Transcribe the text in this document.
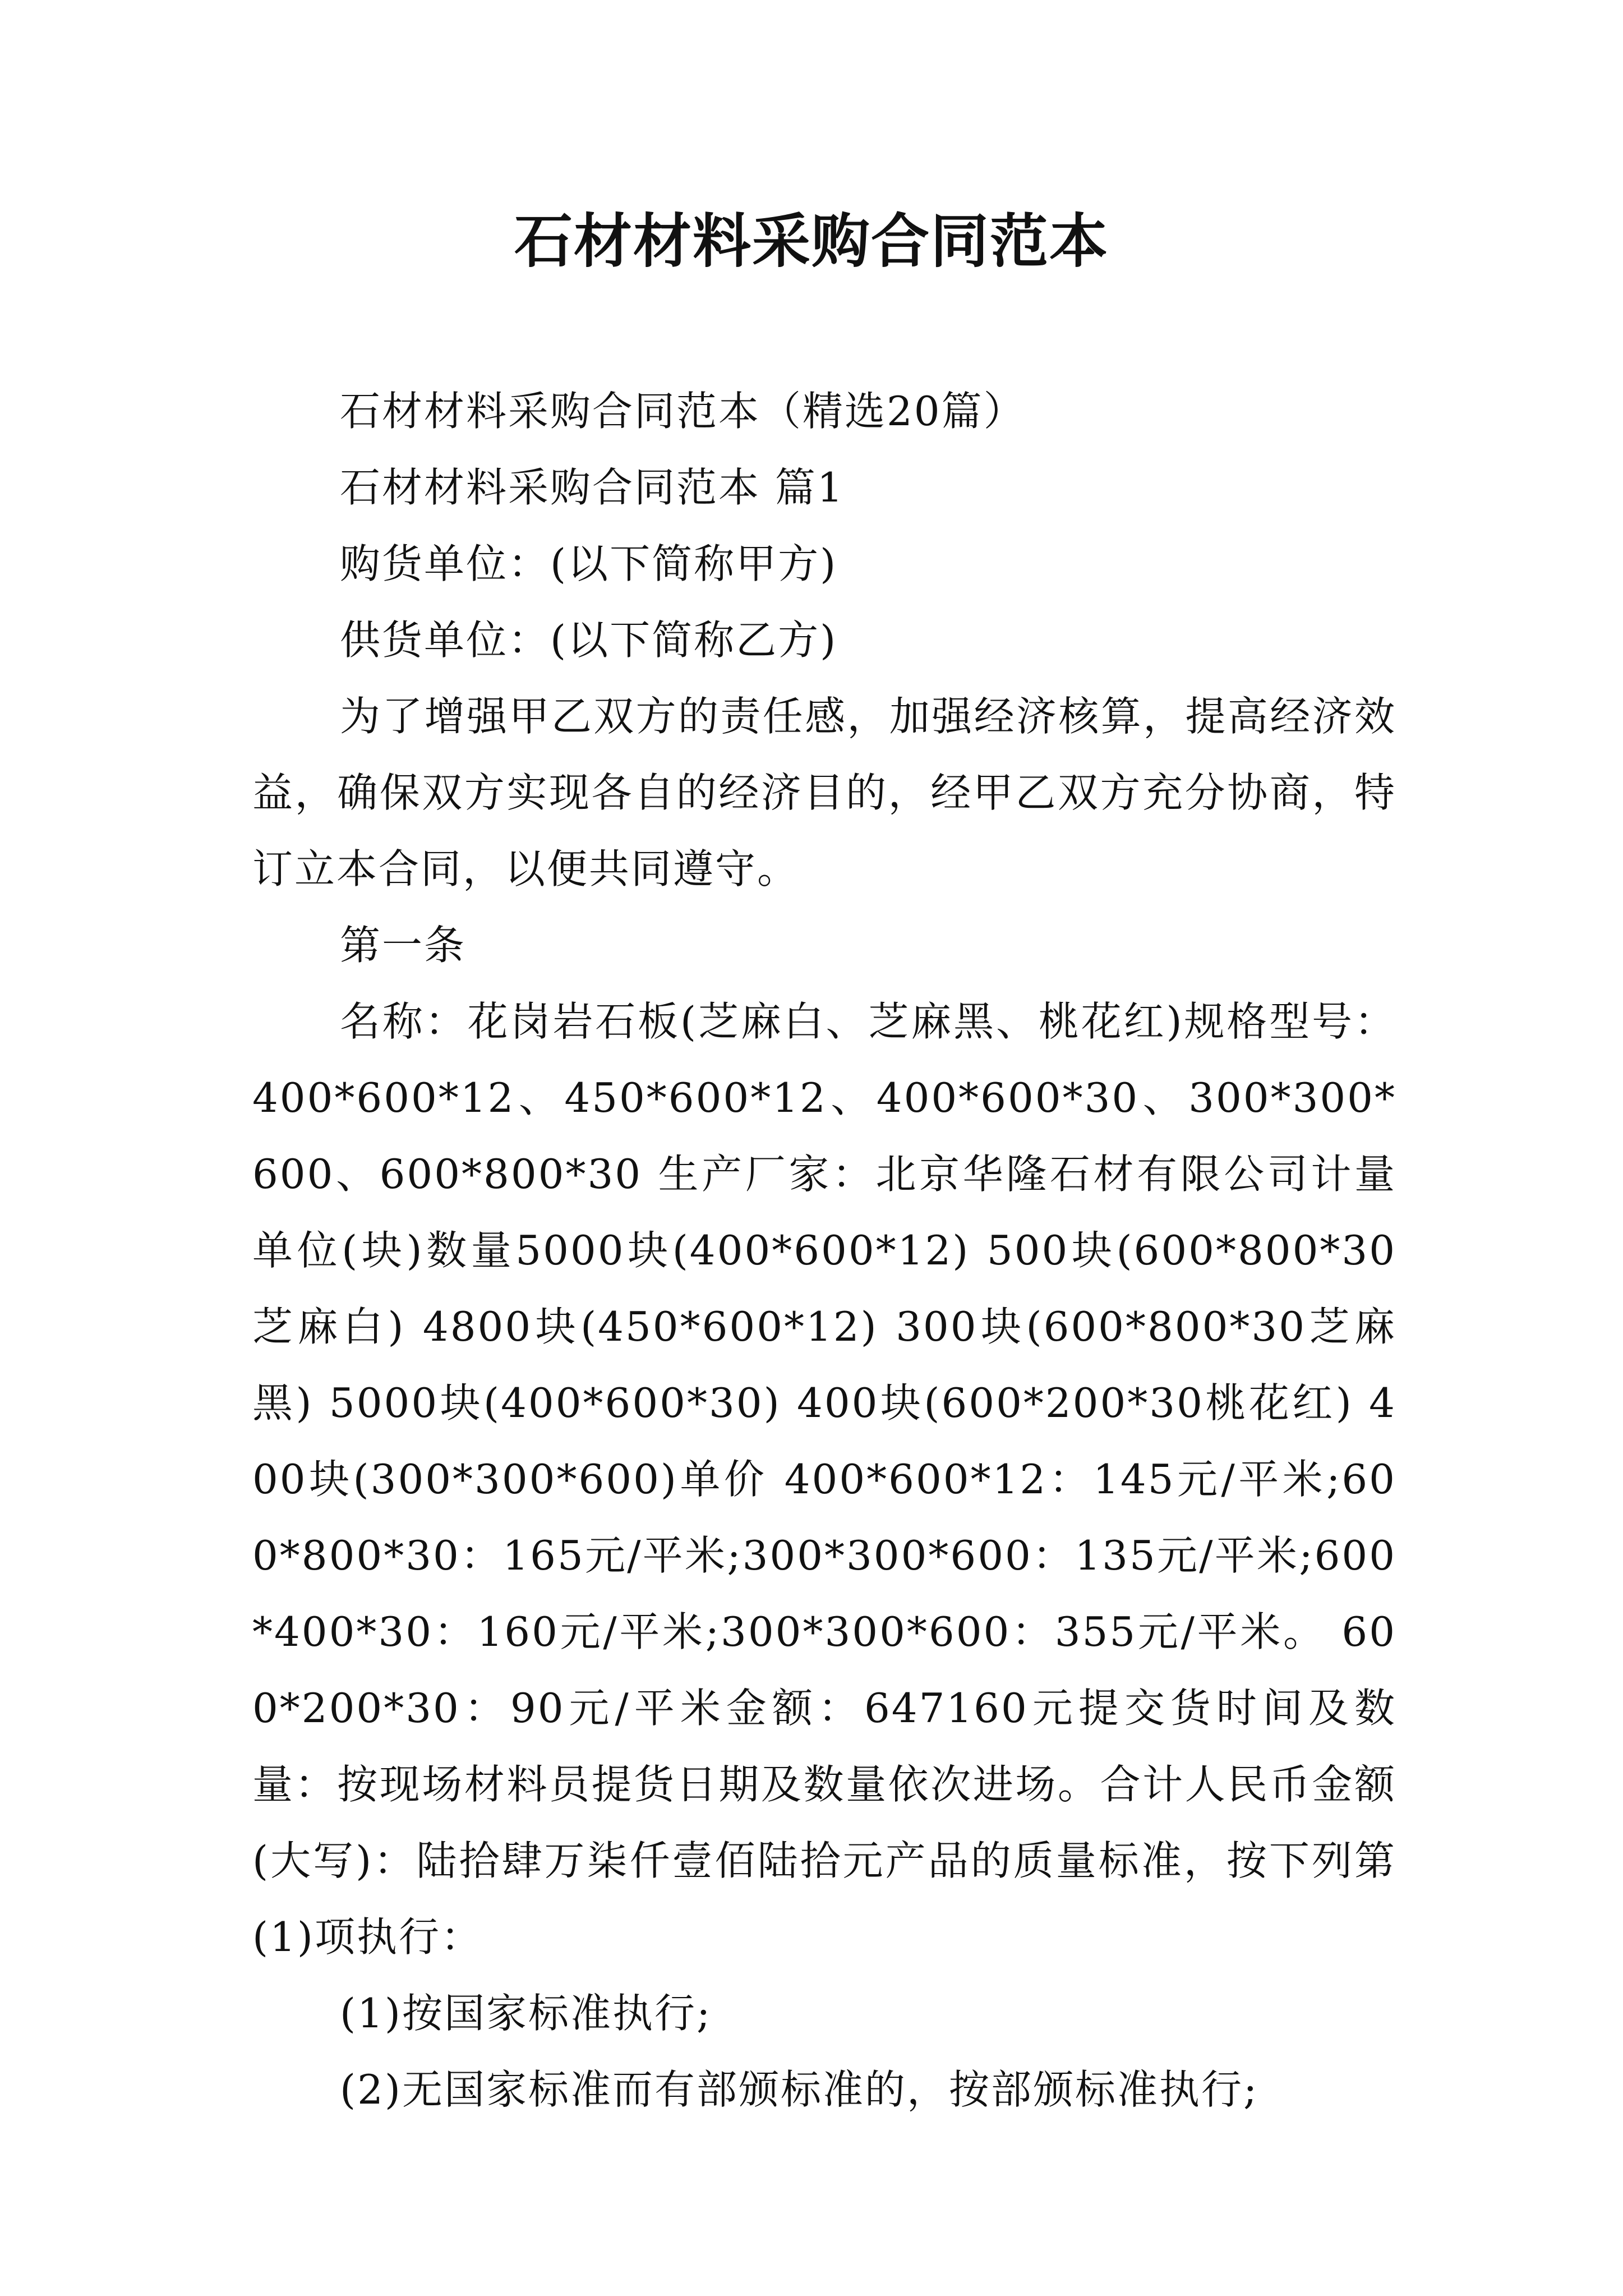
石材材料采购合同范本

石材材料采购合同范本（精选20篇）

石材材料采购合同范本 篇1

购货单位：(以下简称甲方)

供货单位：(以下简称乙方)

为了增强甲乙双方的责任感，加强经济核算，提高经济效益，确保双方实现各自的经济目的，经甲乙双方充分协商，特订立本合同，以便共同遵守。

第一条

名称：花岗岩石板(芝麻白、芝麻黑、桃花红)规格型号：400*600*12、450*600*12、400*600*30、300*300*600、600*800*30 生产厂家：北京华隆石材有限公司计量单位(块)数量5000块(400*600*12) 500块(600*800*30芝麻白) 4800块(450*600*12) 300块(600*800*30芝麻黑) 5000块(400*600*30) 400块(600*200*30桃花红) 400块(300*300*600)单价 400*600*12：145元/平米;600*800*30：165元/平米;300*300*600：135元/平米;600*400*30：160元/平米;300*300*600：355元/平米。 600*200*30：90元/平米金额：647160元提交货时间及数量：按现场材料员提货日期及数量依次进场。合计人民币金额(大写)：陆拾肆万柒仟壹佰陆拾元产品的质量标准，按下列第(1)项执行：

(1)按国家标准执行;

(2)无国家标准而有部颁标准的，按部颁标准执行;
